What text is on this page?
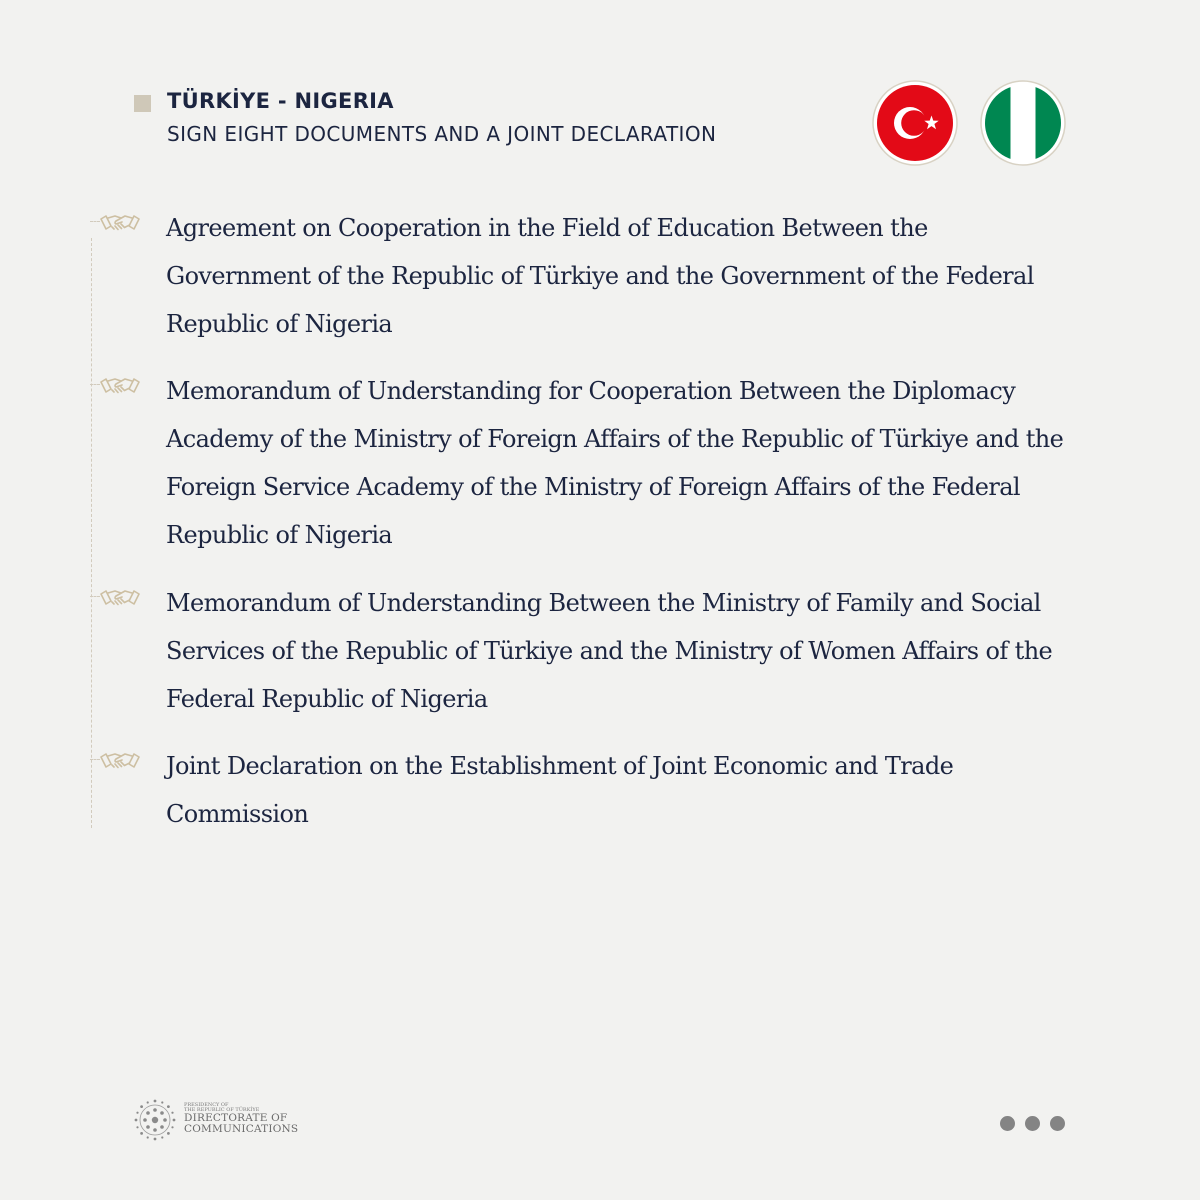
TÜRKİYE - NIGERIA
SIGN EIGHT DOCUMENTS AND A JOINT DECLARATION
Agreement on Cooperation in the Field of Education Between the Government of the Republic of Türkiye and the Government of the Federal Republic of Nigeria
Memorandum of Understanding for Cooperation Between the Diplomacy Academy of the Ministry of Foreign Affairs of the Republic of Türkiye and the Foreign Service Academy of the Ministry of Foreign Affairs of the Federal Republic of Nigeria
Memorandum of Understanding Between the Ministry of Family and Social Services of the Republic of Türkiye and the Ministry of Women Affairs of the Federal Republic of Nigeria
Joint Declaration on the Establishment of Joint Economic and Trade Commission
PRESIDENCY OF
THE REPUBLIC OF TÜRKİYE
DIRECTORATE OF
COMMUNICATIONS
